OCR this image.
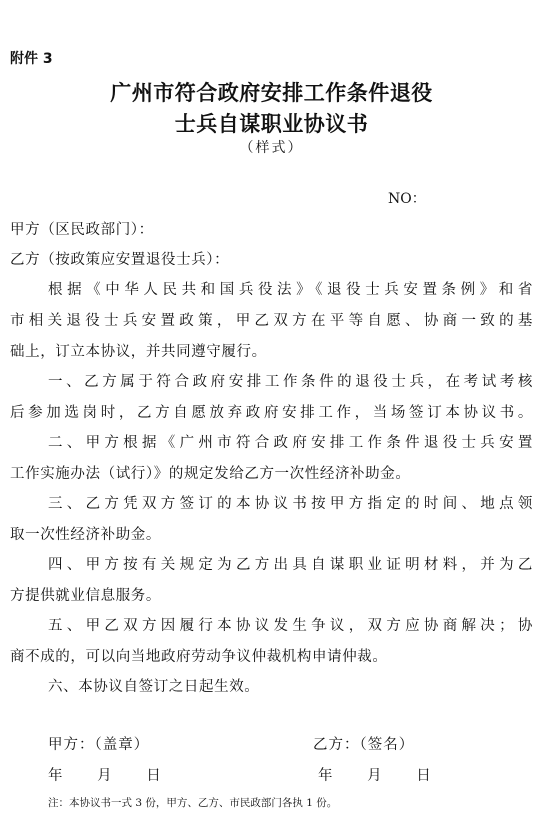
附件 3
广州市符合政府安排工作条件退役
士兵自谋职业协议书
（样式）
NO：
甲方（区民政部门）：
乙方（按政策应安置退役士兵）：
根据《中华人民共和国兵役法》《退役士兵安置条例》和省
市相关退役士兵安置政策，甲乙双方在平等自愿、协商一致的基
础上，订立本协议，并共同遵守履行。
一、乙方属于符合政府安排工作条件的退役士兵，在考试考核
后参加选岗时，乙方自愿放弃政府安排工作，当场签订本协议书。
二、甲方根据《广州市符合政府安排工作条件退役士兵安置
工作实施办法（试行）》的规定发给乙方一次性经济补助金。
三、乙方凭双方签订的本协议书按甲方指定的时间、地点领
取一次性经济补助金。
四、甲方按有关规定为乙方出具自谋职业证明材料，并为乙
方提供就业信息服务。
五、甲乙双方因履行本协议发生争议，双方应协商解决；协
商不成的，可以向当地政府劳动争议仲裁机构申请仲裁。
六、本协议自签订之日起生效。
甲方：（盖章）	乙方：（签名）
年      月      日	年      月      日
注：本协议书一式 3 份，甲方、乙方、市民政部门各执 1 份。
